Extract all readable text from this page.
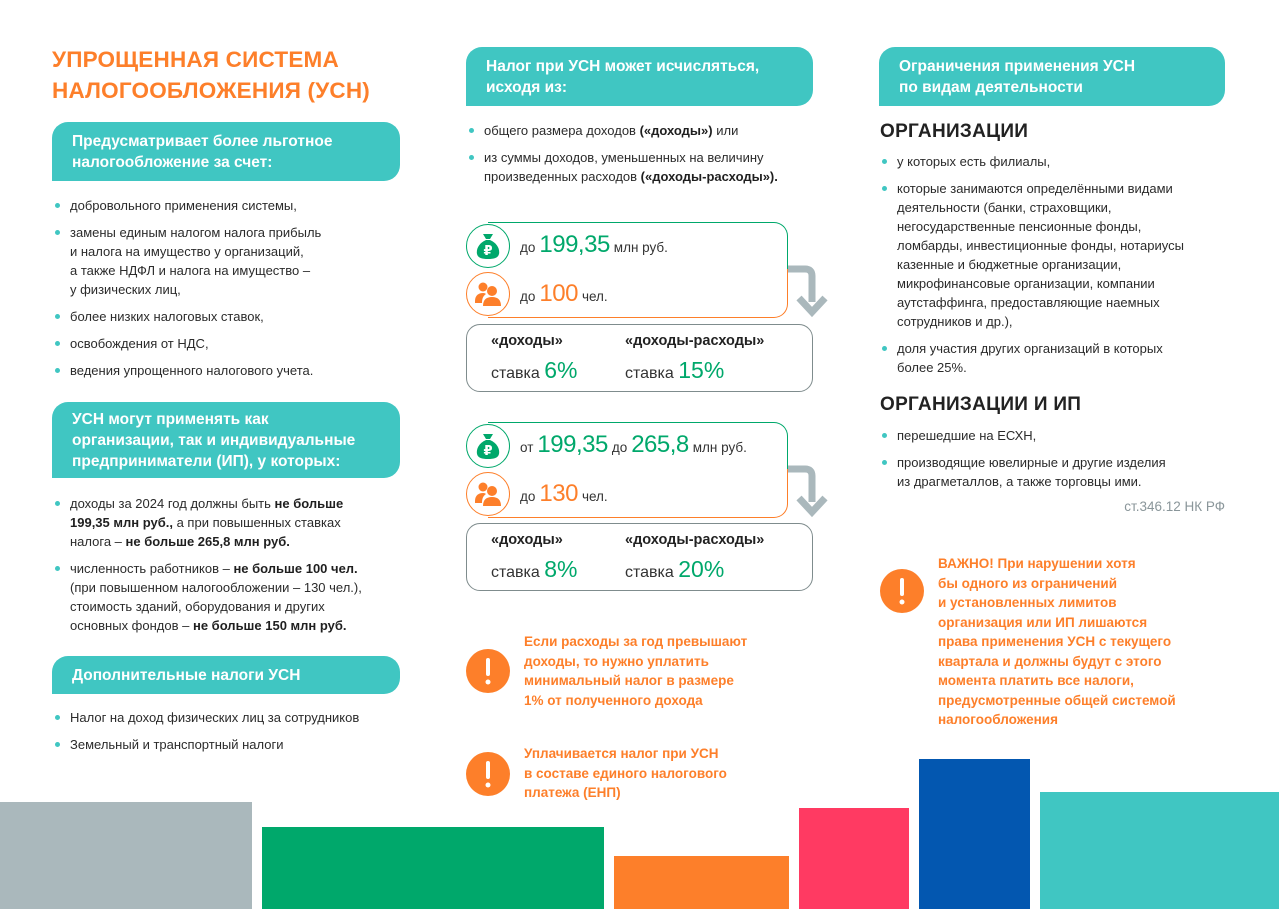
УПРОЩЕННАЯ СИСТЕМА
НАЛОГООБЛОЖЕНИЯ (УСН)
Предусматривает более льготное
налогообложение за счет:
добровольного применения системы,
замены единым налогом налога прибыль
и налога на имущество у организаций,
а также НДФЛ и налога на имущество –
у физических лиц,
более низких налоговых ставок,
освобождения от НДС,
ведения упрощенного налогового учета.
УСН могут применять как
организации, так и индивидуальные
предприниматели (ИП), у которых:
доходы за 2024 год должны быть не больше
199,35 млн руб., а при повышенных ставках
налога – не больше 265,8 млн руб.
численность работников – не больше 100 чел.
(при повышенном налогообложении – 130 чел.),
стоимость зданий, оборудования и других
основных фондов – не больше 150 млн руб.
Дополнительные налоги УСН
Налог на доход физических лиц за сотрудников
Земельный и транспортный налоги
Налог при УСН может исчисляться,
исходя из:
общего размера доходов («доходы») или
из суммы доходов, уменьшенных на величину
произведенных расходов («доходы-расходы»).
₽ до 199,35 млн руб.
до 100 чел.
«доходы»
ставка 6%
«доходы-расходы»
ставка 15%
₽ от 199,35 до 265,8 млн руб.
до 130 чел.
«доходы»
ставка 8%
«доходы-расходы»
ставка 20%
Если расходы за год превышают
доходы, то нужно уплатить
минимальный налог в размере
1% от полученного дохода
Уплачивается налог при УСН
в составе единого налогового
платежа (ЕНП)
Ограничения применения УСН
по видам деятельности
ОРГАНИЗАЦИИ
у которых есть филиалы,
которые занимаются определёнными видами
деятельности (банки, страховщики,
негосударственные пенсионные фонды,
ломбарды, инвестиционные фонды, нотариусы
казенные и бюджетные организации,
микрофинансовые организации, компании
аутстаффинга, предоставляющие наемных
сотрудников и др.),
доля участия других организаций в которых
более 25%.
ОРГАНИЗАЦИИ И ИП
перешедшие на ЕСХН,
производящие ювелирные и другие изделия
из драгметаллов, а также торговцы ими.
ст.346.12 НК РФ
ВАЖНО! При нарушении хотя
бы одного из ограничений
и установленных лимитов
организация или ИП лишаются
права применения УСН с текущего
квартала и должны будут с этого
момента платить все налоги,
предусмотренные общей системой
налогообложения
